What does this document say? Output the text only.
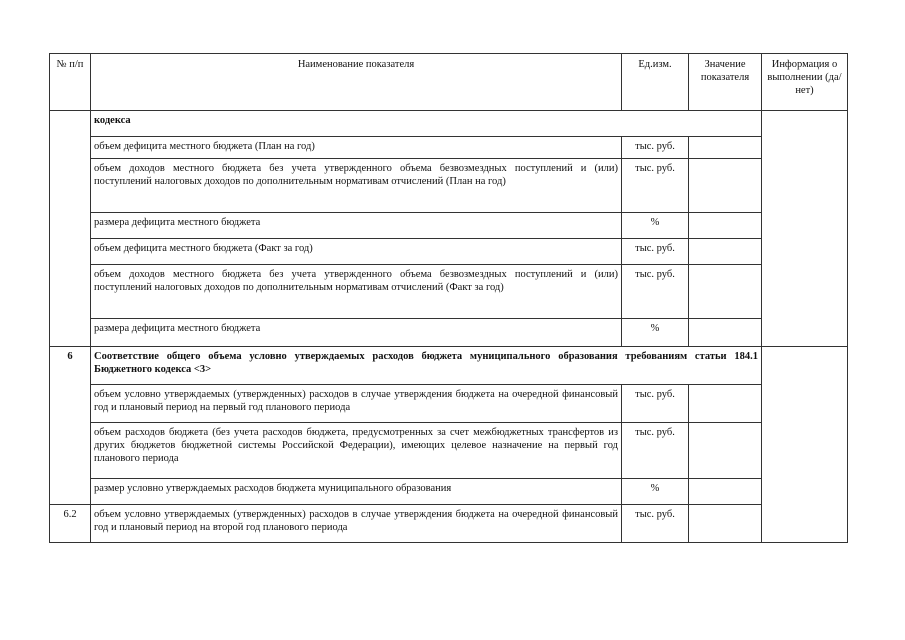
№ п/п	Наименование показателя	Ед.изм.	Значение показателя	Информация о выполнении (да/ нет)
	кодекса			
	объем дефицита местного бюджета (План на год)	тыс. руб.		
	объем доходов местного бюджета без учета утвержденного объема безвозмездных поступлений и (или) поступлений налоговых доходов по дополнительным нормативам отчислений (План на год)	тыс. руб.		
	размера дефицита местного бюджета	%		
	объем дефицита местного бюджета (Факт за год)	тыс. руб.		
	объем доходов местного бюджета без учета утвержденного объема безвозмездных поступлений и (или) поступлений налоговых доходов по дополнительным нормативам отчислений (Факт за год)	тыс. руб.		
	размера дефицита местного бюджета	%		
6	Соответствие общего объема условно утверждаемых расходов бюджета муниципального образования требованиям статьи 184.1 Бюджетного кодекса <3>			
	объем условно утверждаемых (утвержденных) расходов в случае утверждения бюджета на очередной финансовый год и плановый период на первый год планового периода	тыс. руб.		
	объем расходов бюджета (без учета расходов бюджета, предусмотренных за счет межбюджетных трансфертов из других бюджетов бюджетной системы Российской Федерации), имеющих целевое назначение на первый год планового периода	тыс. руб.		
	размер условно утверждаемых расходов бюджета муниципального образования	%		
6.2	объем условно утверждаемых (утвержденных) расходов в случае утверждения бюджета на очередной финансовый год и плановый период на второй год планового периода	тыс. руб.		
